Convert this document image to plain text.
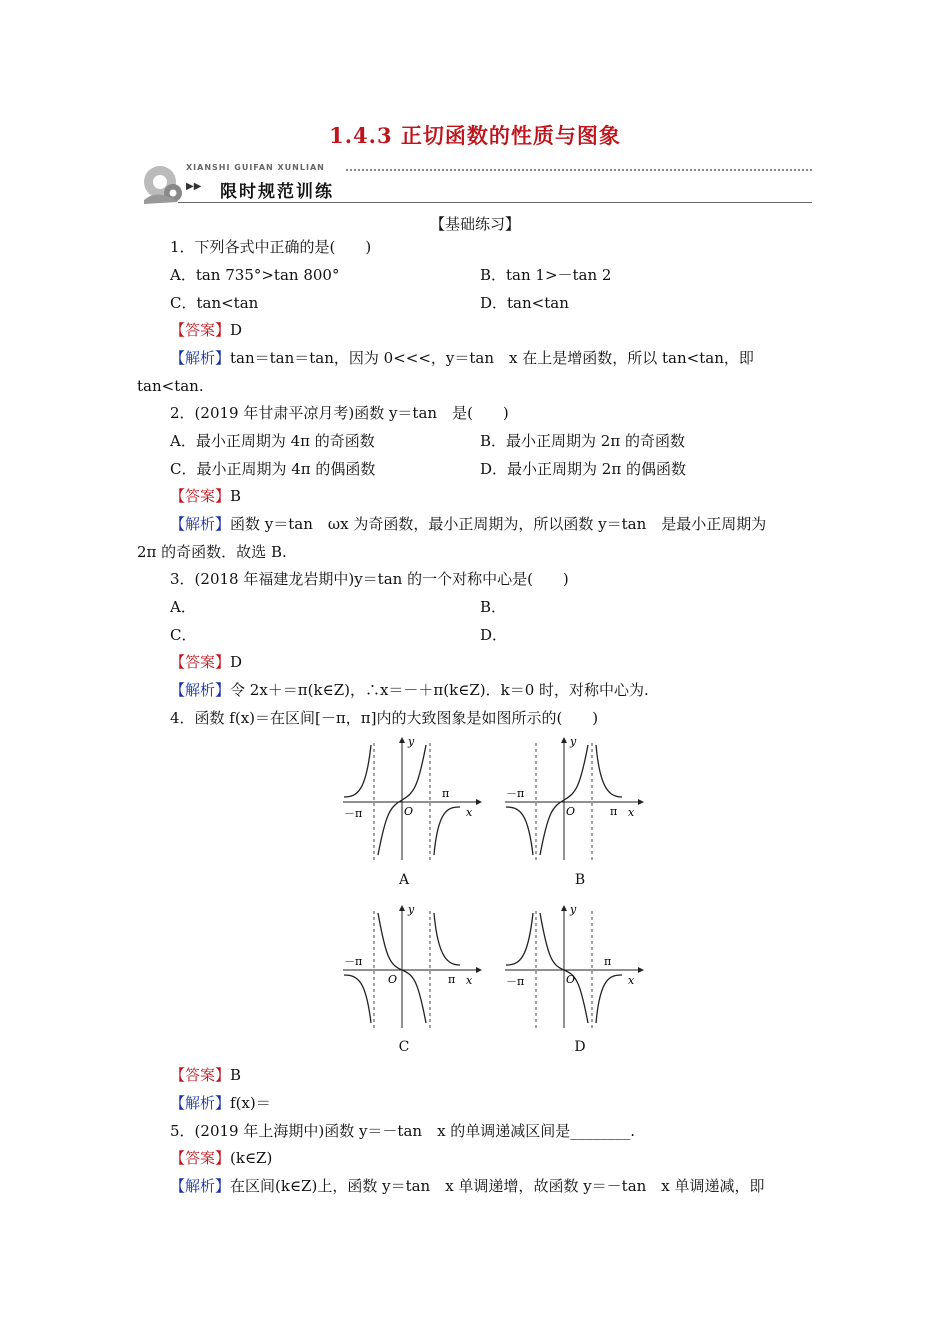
1.4.3 正切函数的性质与图象
XIANSHI GUIFAN XUNLIAN
▶▶ 限时规范训练
【基础练习】
1．下列各式中正确的是(　　)
A．tan 735°>tan 800°	B．tan 1>－tan 2
C．tan<tan	D．tan<tan
【答案】D
【解析】tan＝tan＝tan，因为 0<<<，y＝tan　x 在上是增函数，所以 tan<tan，即
tan<tan.
2．(2019 年甘肃平凉月考)函数 y＝tan　是(　　)
A．最小正周期为 4π 的奇函数	B．最小正周期为 2π 的奇函数
C．最小正周期为 4π 的偶函数	D．最小正周期为 2π 的偶函数
【答案】B
【解析】函数 y＝tan　ωx 为奇函数，最小正周期为，所以函数 y＝tan　是最小正周期为
2π 的奇函数．故选 B.
3．(2018 年福建龙岩期中)y＝tan 的一个对称中心是(　　)
A．	B．
C．	D．
【答案】D
【解析】令 2x＋＝π(k∈Z)，∴x＝－＋π(k∈Z)．k＝0 时，对称中心为.
4．函数 f(x)＝在区间[－π，π]内的大致图象是如图所示的(　　)
y
x
O
π
－π
A
y
x
O	π
－π
B
y
x
O	π
－π
C
y
x
O
π
－π
D
【答案】B
【解析】f(x)＝
5．(2019 年上海期中)函数 y＝－tan　x 的单调递减区间是________.
【答案】(k∈Z)
【解析】在区间(k∈Z)上，函数 y＝tan　x 单调递增，故函数 y＝－tan　x 单调递减，即
